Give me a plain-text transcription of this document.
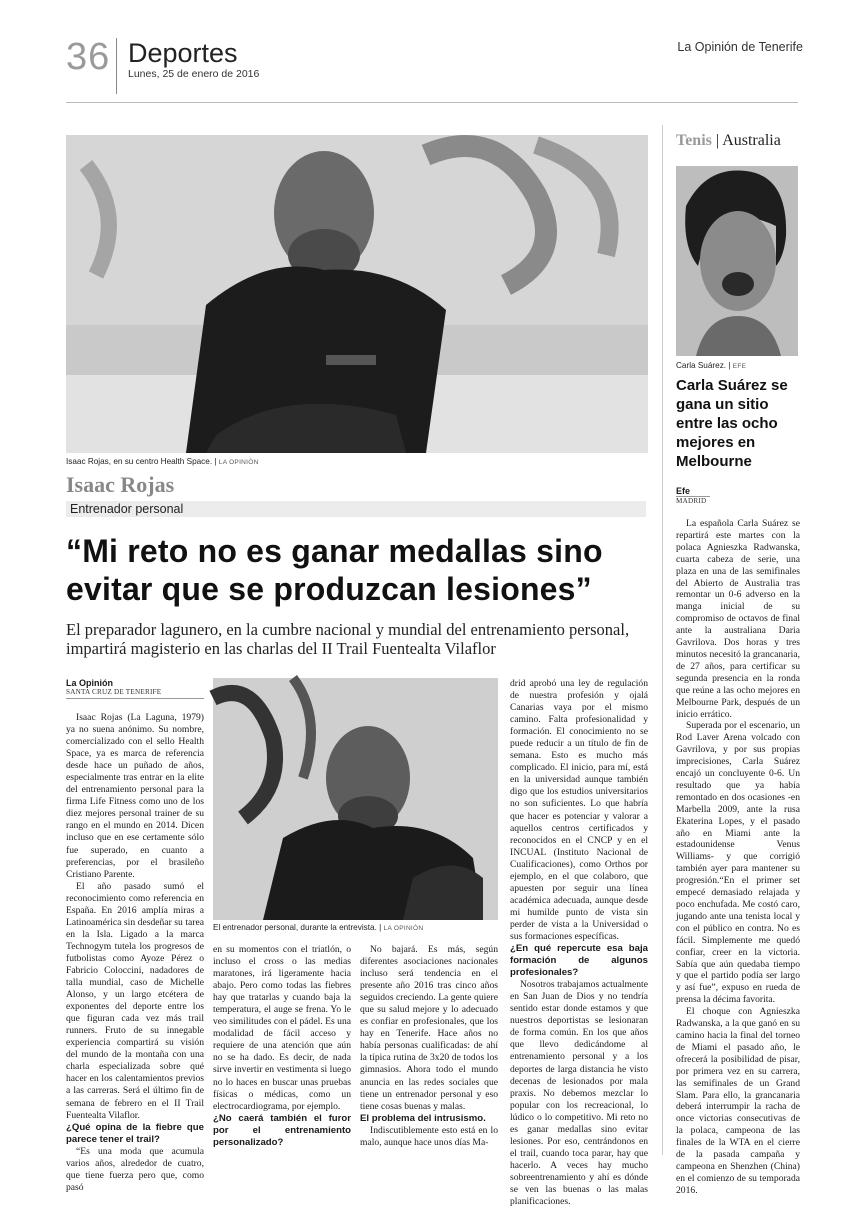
36 Deportes
Lunes, 25 de enero de 2016
La Opinión de Tenerife
Isaac Rojas, en su centro Health Space. | LA OPINIÓN
Isaac Rojas
Entrenador personal
“Mi reto no es ganar medallas sino evitar que se produzcan lesiones”
El preparador lagunero, en la cumbre nacional y mundial del entrenamiento personal, impartirá magisterio en las charlas del II Trail Fuentealta Vilaflor
La Opinión
SANTA CRUZ DE TENERIFE

Isaac Rojas (La Laguna, 1979) ya no suena anónimo. Su nombre, comercializado con el sello Health Space, ya es marca de referencia desde hace un puñado de años, especialmente tras entrar en la elite del entrenamiento personal para la firma Life Fitness como uno de los diez mejores personal trainer de su rango en el mundo en 2014. Dicen incluso que en ese certamente sólo fue superado, en cuanto a preferencias, por el brasileño Cristiano Parente.

El año pasado sumó el reconocimiento como referencia en España. En 2016 amplía miras a Latinoamérica sin desdeñar su tarea en la Isla. Ligado a la marca Technogym tutela los progresos de futbolistas como Ayoze Pérez o Fabricio Coloccini, nadadores de talla mundial, caso de Michelle Alonso, y un largo etcétera de exponentes del deporte entre los que figuran cada vez más trail runners. Fruto de su innegable experiencia compartirá su visión del mundo de la montaña con una charla especializada sobre qué hacer en los calentamientos previos a las carreras. Será el último fin de semana de febrero en el II Trail Fuentealta Vilaflor.

¿Qué opina de la fiebre que parece tener el trail?

“Es una moda que acumula varios años, alrededor de cuatro, que tiene fuerza pero que, como pasó

El entrenador personal, durante la entrevista. | LA OPINIÓN

en su momentos con el triatlón, o incluso el cross o las medias maratones, irá ligeramente hacia abajo. Pero como todas las fiebres hay que tratarlas y cuando baja la temperatura, el auge se frena. Yo le veo similitudes con el pádel. Es una modalidad de fácil acceso y requiere de una atención que aún no se ha dado. Es decir, de nada sirve invertir en vestimenta si luego no lo haces en buscar unas pruebas físicas o médicas, como un electrocardiograma, por ejemplo.

¿No caerá también el furor por el entrenamiento personalizado?

No bajará. Es más, según diferentes asociaciones nacionales incluso será tendencia en el presente año 2016 tras cinco años seguidos creciendo. La gente quiere que su salud mejore y lo adecuado es confiar en profesionales, que los hay en Tenerife. Hace años no había personas cualificadas: de ahí la típica rutina de 3x20 de todos los gimnasios. Ahora todo el mundo anuncia en las redes sociales que tiene un entrenador personal y eso tiene cosas buenas y malas.

El problema del intrusismo.

Indiscutiblemente esto está en lo malo, aunque hace unos días Ma-

drid aprobó una ley de regulación de nuestra profesión y ojalá Canarias vaya por el mismo camino. Falta profesionalidad y formación. El conocimiento no se puede reducir a un título de fin de semana. Esto es mucho más complicado. El inicio, para mí, está en la universidad aunque también digo que los estudios universitarios no son suficientes. Lo que habría que hacer es potenciar y valorar a aquellos centros certificados y reconocidos en el CNCP y en el INCUAL (Instituto Nacional de Cualificaciones), como Orthos por ejemplo, en el que colaboro, que apuesten por seguir una línea académica adecuada, aunque desde mi humilde punto de vista sin perder de vista a la Universidad o sus formaciones específicas.

¿En qué repercute esa baja formación de algunos profesionales?

Nosotros trabajamos actualmente en San Juan de Dios y no tendría sentido estar donde estamos y que nuestros deportistas se lesionaran de forma común. En los que años que llevo dedicándome al entrenamiento personal y a los deportes de larga distancia he visto decenas de lesionados por mala praxis. No debemos mezclar lo popular con los recreacional, lo lúdico o lo competitivo. Mi reto no es ganar medallas sino evitar lesiones. Por eso, centrándonos en el trail, cuando toca parar, hay que hacerlo. A veces hay mucho sobreentrenamiento y ahí es dónde se ven las buenas o las malas planificaciones.

Tenis | Australia
Carla Suárez. | EFE
Carla Suárez se gana un sitio entre las ocho mejores en Melbourne
Efe
MADRID

La española Carla Suárez se repartirá este martes con la polaca Agnieszka Radwanska, cuarta cabeza de serie, una plaza en una de las semifinales del Abierto de Australia tras remontar un 0-6 adverso en la manga inicial de su compromiso de octavos de final ante la australiana Daria Gavrilova. Dos horas y tres minutos necesitó la grancanaria, de 27 años, para certificar su segunda presencia en la ronda que reúne a las ocho mejores en Melbourne Park, después de un inicio errático.

Superada por el escenario, un Rod Laver Arena volcado con Gavrilova, y por sus propias imprecisiones, Carla Suárez encajó un concluyente 0-6. Un resultado que ya había remontado en dos ocasiones -en Marbella 2009, ante la rusa Ekaterina Lopes, y el pasado año en Miami ante la estadounidense Venus Williams- y que corrigió también ayer para mantener su progresión.“En el primer set empecé demasiado relajada y poco enchufada. Me costó caro, jugando ante una tenista local y con el público en contra. No es fácil. Simplemente me quedó confiar, creer en la victoria. Sabía que aún quedaba tiempo y que el partido podía ser largo y así fue”, expuso en rueda de prensa la décima favorita.

El choque con Agnieszka Radwanska, a la que ganó en su camino hacia la final del torneo de Miami el pasado año, le ofrecerá la posibilidad de pisar, por primera vez en su carrera, las semifinales de un Grand Slam. Para ello, la grancanaria deberá interrumpir la racha de once victorias consecutivas de la polaca, campeona de las finales de la WTA en el cierre de la pasada campaña y campeona en Shenzhen (China) en el comienzo de su temporada 2016.
